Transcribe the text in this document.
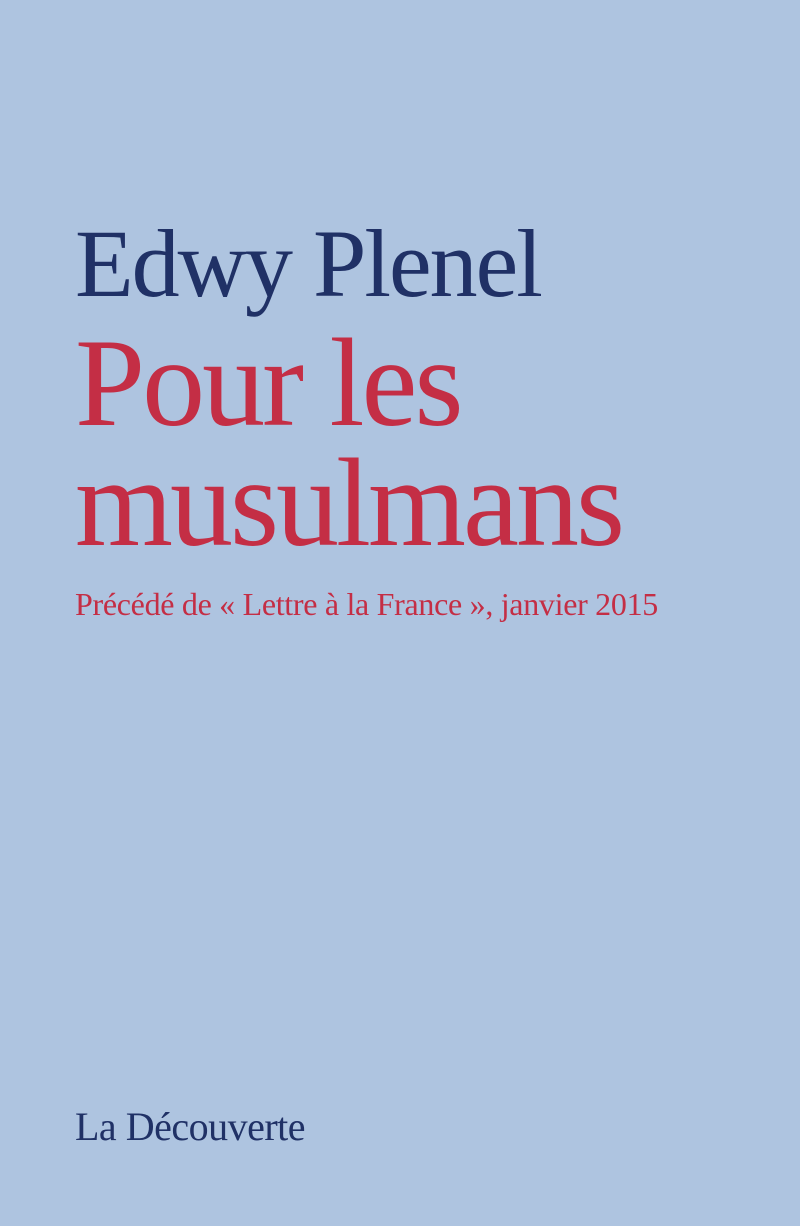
Edwy Plenel
Pour les musulmans
Précédé de « Lettre à la France », janvier 2015
La Découverte
